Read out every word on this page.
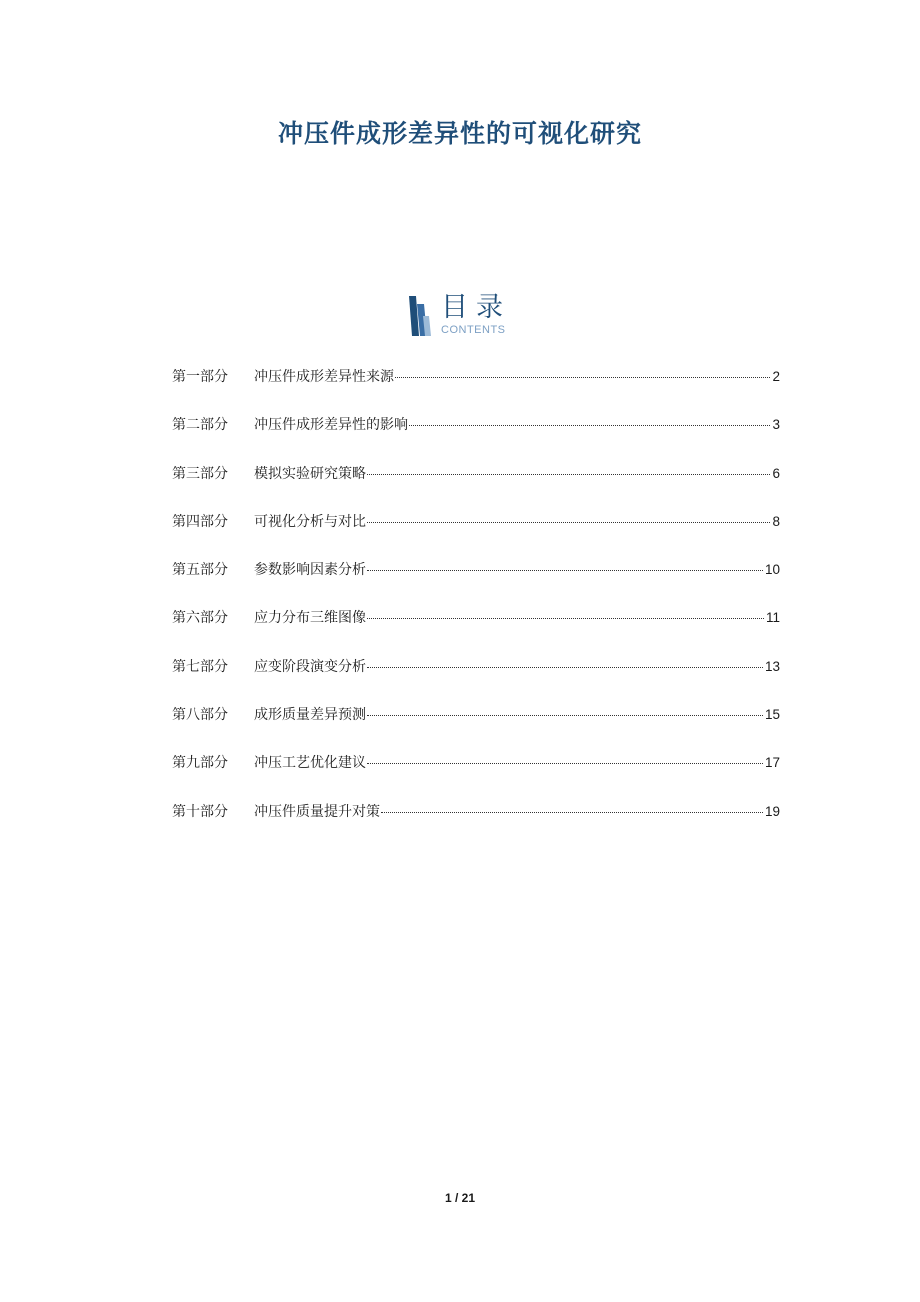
冲压件成形差异性的可视化研究
目录
CONTENTS
第一部分	冲压件成形差异性来源	2
第二部分	冲压件成形差异性的影响	3
第三部分	模拟实验研究策略	6
第四部分	可视化分析与对比	8
第五部分	参数影响因素分析	10
第六部分	应力分布三维图像	11
第七部分	应变阶段演变分析	13
第八部分	成形质量差异预测	15
第九部分	冲压工艺优化建议	17
第十部分	冲压件质量提升对策	19
1 / 21
